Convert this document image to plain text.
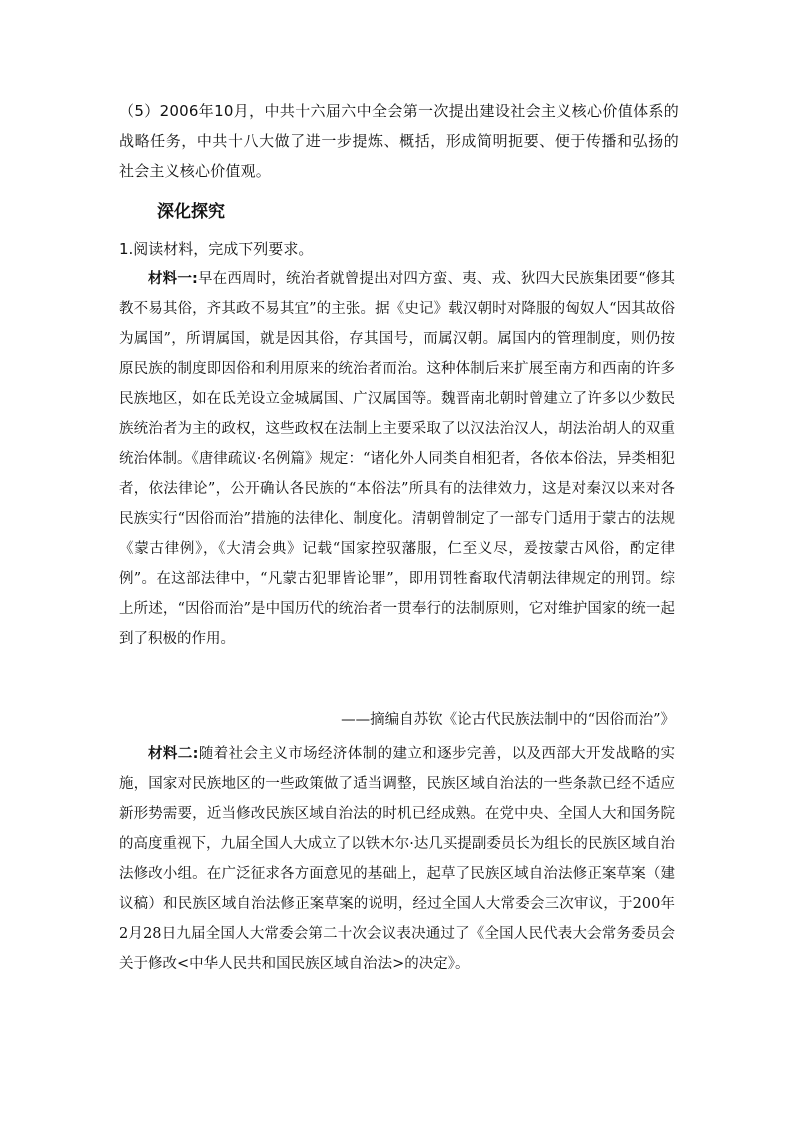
（5）2006年10月，中共十六届六中全会第一次提出建设社会主义核心价值体系的战略任务，中共十八大做了进一步提炼、概括，形成简明扼要、便于传播和弘扬的社会主义核心价值观。

深化探究

1.阅读材料，完成下列要求。

材料一:早在西周时，统治者就曾提出对四方蛮、夷、戎、狄四大民族集团要“修其教不易其俗，齐其政不易其宜”的主张。据《史记》载汉朝时对降服的匈奴人“因其故俗为属国”，所谓属国，就是因其俗，存其国号，而属汉朝。属国内的管理制度，则仍按原民族的制度即因俗和利用原来的统治者而治。这种体制后来扩展至南方和西南的许多民族地区，如在氐羌设立金城属国、广汉属国等。魏晋南北朝时曾建立了许多以少数民族统治者为主的政权，这些政权在法制上主要采取了以汉法治汉人，胡法治胡人的双重统治体制。《唐律疏议·名例篇》规定：“诸化外人同类自相犯者，各依本俗法，异类相犯者，依法律论”，公开确认各民族的“本俗法”所具有的法律效力，这是对秦汉以来对各民族实行“因俗而治”措施的法律化、制度化。清朝曾制定了一部专门适用于蒙古的法规《蒙古律例》，《大清会典》记载“国家控驭藩服，仁至义尽，爰按蒙古风俗，酌定律例”。在这部法律中，“凡蒙古犯罪皆论罪”，即用罚牲畜取代清朝法律规定的刑罚。综上所述，“因俗而治”是中国历代的统治者一贯奉行的法制原则，它对维护国家的统一起到了积极的作用。

——摘编自苏钦《论古代民族法制中的“因俗而治”》

材料二:随着社会主义市场经济体制的建立和逐步完善，以及西部大开发战略的实施，国家对民族地区的一些政策做了适当调整，民族区域自治法的一些条款已经不适应新形势需要，近当修改民族区域自治法的时机已经成熟。在党中央、全国人大和国务院的高度重视下，九届全国人大成立了以铁木尔·达几买提副委员长为组长的民族区域自治法修改小组。在广泛征求各方面意见的基础上，起草了民族区域自治法修正案草案（建议稿）和民族区域自治法修正案草案的说明，经过全国人大常委会三次审议，于200年2月28日九届全国人大常委会第二十次会议表决通过了《全国人民代表大会常务委员会关于修改<中华人民共和国民族区域自治法>的决定》。
